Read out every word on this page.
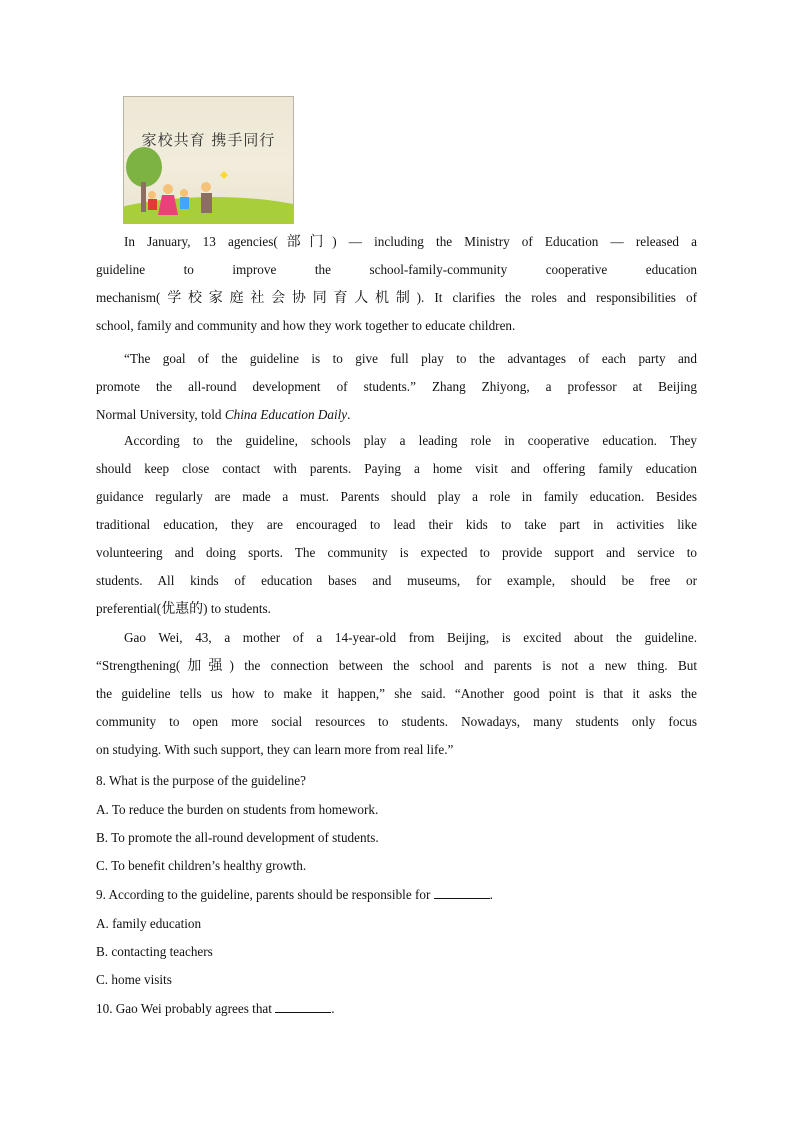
家校共育 携手同行
In January, 13 agencies(部门) — including the Ministry of Education — released a
guideline to improve the school-family-community cooperative education
mechanism(学校家庭社会协同育人机制). It clarifies the roles and responsibilities of
school, family and community and how they work together to educate children.
“The goal of the guideline is to give full play to the advantages of each party and
promote the all-round development of students.” Zhang Zhiyong, a professor at Beijing
Normal University, told China Education Daily.
According to the guideline, schools play a leading role in cooperative education. They
should keep close contact with parents. Paying a home visit and offering family education
guidance regularly are made a must. Parents should play a role in family education. Besides
traditional education, they are encouraged to lead their kids to take part in activities like
volunteering and doing sports. The community is expected to provide support and service to
students. All kinds of education bases and museums, for example, should be free or
preferential(优惠的) to students.
Gao Wei, 43, a mother of a 14-year-old from Beijing, is excited about the guideline.
“Strengthening(加强) the connection between the school and parents is not a new thing. But
the guideline tells us how to make it happen,” she said. “Another good point is that it asks the
community to open more social resources to students. Nowadays, many students only focus
on studying. With such support, they can learn more from real life.”
8. What is the purpose of the guideline?
A. To reduce the burden on students from homework.
B. To promote the all-round development of students.
C. To benefit children’s healthy growth.
9. According to the guideline, parents should be responsible for	.
A. family education
B. contacting teachers
C. home visits
10. Gao Wei probably agrees that	.
